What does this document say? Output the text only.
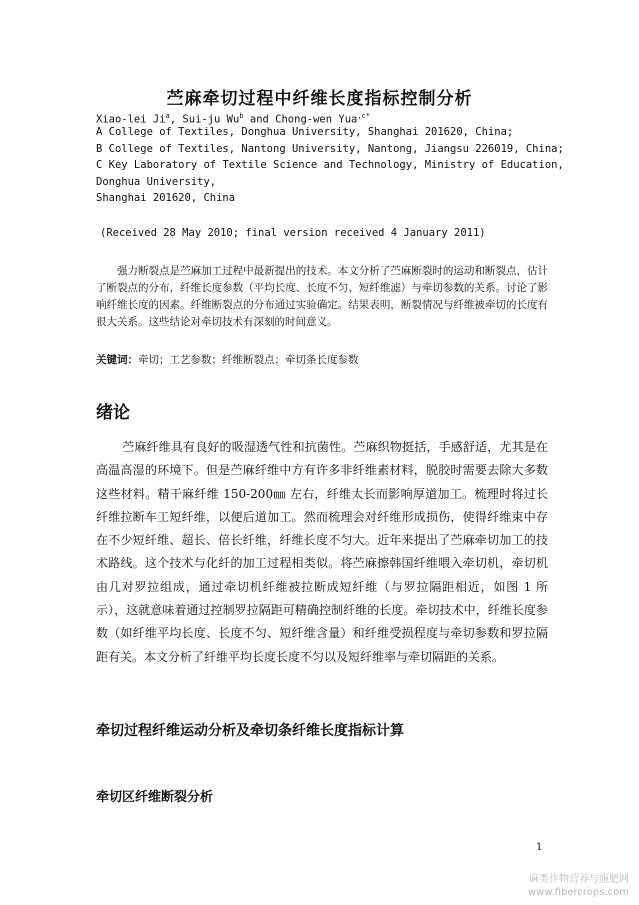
苎麻牵切过程中纤维长度指标控制分析
Xiao-lei Ji$^a$, Sui-ju Wu$^b$ and Chong-wen Yua$^{,c*}$
A College of Textiles, Donghua University, Shanghai 201620, China;
B College of Textiles, Nantong University, Nantong, Jiangsu 226019, China;
C Key Laboratory of Textile Science and Technology, Ministry of Education, Donghua University,
Shanghai 201620, China
(Received 28 May 2010; final version received 4 January 2011)
强力断裂点是苎麻加工过程中最新提出的技术。本文分析了苎麻断裂时的运动和断裂点，估计了断裂点的分布，纤维长度参数（平均长度、长度不匀、短纤维滤）与牵切参数的关系。讨论了影响纤维长度的因素。纤维断裂点的分布通过实验确定。结果表明，断裂情况与纤维被牵切的长度有很大关系。这些结论对牵切技术有深刻的时间意义。
关键词：牵切；工艺参数；纤维断裂点；牵切条长度参数
绪论
苎麻纤维具有良好的吸湿透气性和抗菌性。苎麻织物挺括，手感舒适，尤其是在高温高湿的环境下。但是苎麻纤维中方有许多非纤维素材料，脱胶时需要去除大多数这些材料。精干麻纤维 150-200㎜ 左右，纤维太长而影响厚道加工。梳理时将过长纤维拉断车工短纤维，以便后道加工。然而梳理会对纤维形成损伤，使得纤维束中存在不少短纤维、超长、倍长纤维，纤维长度不匀大。近年来提出了苎麻牵切加工的技术路线。这个技术与化纤的加工过程相类似。将苎麻擦韩国纤维喂入牵切机，牵切机由几对罗拉组成，通过牵切机纤维被拉断成短纤维（与罗拉隔距相近，如图 1 所示），这就意味着通过控制罗拉隔距可精确控制纤维的长度。牵切技术中，纤维长度参数（如纤维平均长度、长度不匀、短纤维含量）和纤维受损程度与牵切参数和罗拉隔距有关。本文分析了纤维平均长度长度不匀以及短纤维率与牵切隔距的关系。
牵切过程纤维运动分析及牵切条纤维长度指标计算
牵切区纤维断裂分析
1
麻类作物营养与施肥网
www.fibercrops.com
